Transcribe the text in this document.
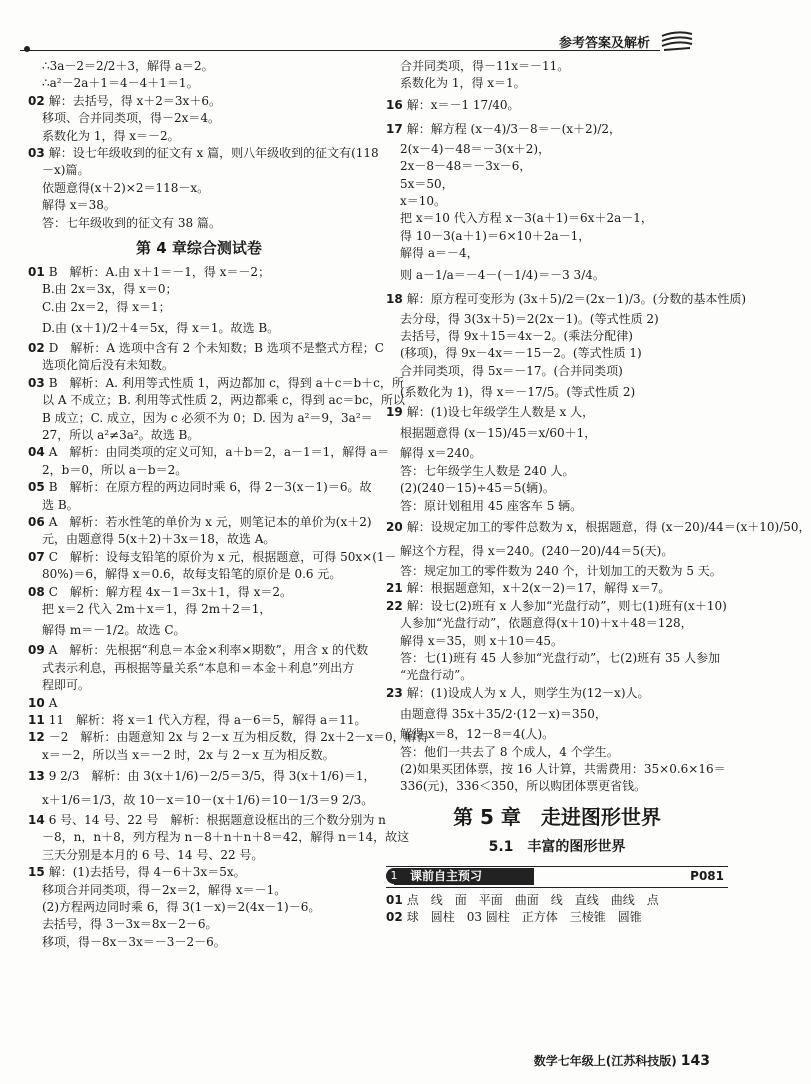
参考答案及解析
∴3a－2＝2/2＋3，解得 a＝2。
∴a²－2a＋1＝4－4＋1＝1。
02 解：去括号，得 x＋2＝3x＋6。
移项、合并同类项，得－2x＝4。
系数化为 1，得 x＝－2。
03 解：设七年级收到的征文有 x 篇，则八年级收到的征文有(118
－x)篇。
依题意得(x＋2)×2＝118－x。
解得 x＝38。
答：七年级收到的征文有 38 篇。
第 4 章综合测试卷
01 B　解析：A.由 x＋1＝－1，得 x＝－2；
B.由 2x＝3x，得 x＝0；
C.由 2x＝2，得 x＝1；
D.由 (x＋1)/2＋4＝5x，得 x＝1。故选 B。
02 D　解析：A 选项中含有 2 个未知数；B 选项不是整式方程；C
选项化简后没有未知数。
03 B　解析：A. 利用等式性质 1，两边都加 c，得到 a＋c＝b＋c，所
以 A 不成立；B. 利用等式性质 2，两边都乘 c，得到 ac＝bc，所以
B 成立；C. 成立，因为 c 必须不为 0；D. 因为 a²＝9，3a²＝
27，所以 a²≠3a²。故选 B。
04 A　解析：由同类项的定义可知，a＋b＝2，a－1＝1，解得 a＝
2，b＝0，所以 a－b＝2。
05 B　解析：在原方程的两边同时乘 6，得 2－3(x－1)＝6。故
选 B。
06 A　解析：若水性笔的单价为 x 元，则笔记本的单价为(x＋2)
元，由题意得 5(x＋2)＋3x＝18，故选 A。
07 C　解析：设每支铅笔的原价为 x 元，根据题意，可得 50x×(1－
80%)＝6，解得 x＝0.6，故每支铅笔的原价是 0.6 元。
08 C　解析：解方程 4x－1＝3x＋1，得 x＝2。
把 x＝2 代入 2m＋x＝1，得 2m＋2＝1，
解得 m＝－1/2。故选 C。
09 A　解析：先根据“利息＝本金×利率×期数”，用含 x 的代数
式表示利息，再根据等量关系“本息和＝本金＋利息”列出方
程即可。
10 A
11 11　解析：将 x＝1 代入方程，得 a－6＝5，解得 a＝11。
12 －2　解析：由题意知 2x 与 2－x 互为相反数，得 2x＋2－x＝0，解得
x＝－2，所以当 x＝－2 时，2x 与 2－x 互为相反数。
13 9 2/3　解析：由 3(x＋1/6)－2/5＝3/5，得 3(x＋1/6)＝1，
x＋1/6＝1/3，故 10－x＝10－(x＋1/6)＝10－1/3＝9 2/3。
14 6 号、14 号、22 号　解析：根据题意设框出的三个数分别为 n
－8，n，n＋8，列方程为 n－8＋n＋n＋8＝42，解得 n＝14，故这
三天分别是本月的 6 号、14 号、22 号。
15 解：(1)去括号，得 4－6＋3x＝5x。
移项合并同类项，得－2x＝2，解得 x＝－1。
(2)方程两边同时乘 6，得 3(1－x)＝2(4x－1)－6。
去括号，得 3－3x＝8x－2－6。
移项，得－8x－3x＝－3－2－6。
合并同类项，得－11x＝－11。
系数化为 1，得 x＝1。
16 解：x＝－1 17/40。
17 解：解方程 (x－4)/3－8＝－(x＋2)/2，
2(x－4)－48＝－3(x＋2)，
2x－8－48＝－3x－6，
5x＝50，
x＝10。
把 x＝10 代入方程 x－3(a＋1)＝6x＋2a－1，
得 10－3(a＋1)＝6×10＋2a－1，
解得 a＝－4，
则 a－1/a＝－4－(－1/4)＝－3 3/4。
18 解：原方程可变形为 (3x＋5)/2＝(2x－1)/3。(分数的基本性质)
去分母，得 3(3x＋5)＝2(2x－1)。(等式性质 2)
去括号，得 9x＋15＝4x－2。(乘法分配律)
(移项)，得 9x－4x＝－15－2。(等式性质 1)
合并同类项，得 5x＝－17。(合并同类项)
(系数化为 1)，得 x＝－17/5。(等式性质 2)
19 解：(1)设七年级学生人数是 x 人，
根据题意得 (x－15)/45＝x/60＋1，
解得 x＝240。
答：七年级学生人数是 240 人。
(2)(240－15)÷45＝5(辆)。
答：原计划租用 45 座客车 5 辆。
20 解：设规定加工的零件总数为 x，根据题意，得 (x－20)/44＝(x＋10)/50，
解这个方程，得 x＝240。(240－20)/44＝5(天)。
答：规定加工的零件数为 240 个，计划加工的天数为 5 天。
21 解：根据题意知，x＋2(x－2)＝17，解得 x＝7。
22 解：设七(2)班有 x 人参加“光盘行动”，则七(1)班有(x＋10)
人参加“光盘行动”，依题意得(x＋10)＋x＋48＝128，
解得 x＝35，则 x＋10＝45。
答：七(1)班有 45 人参加“光盘行动”，七(2)班有 35 人参加
“光盘行动”。
23 解：(1)设成人为 x 人，则学生为(12－x)人。
由题意得 35x＋35/2·(12－x)＝350，
解得 x＝8，12－8＝4(人)。
答：他们一共去了 8 个成人，4 个学生。
(2)如果买团体票，按 16 人计算，共需费用：35×0.6×16＝
336(元)，336＜350，所以购团体票更省钱。
第 5 章　走进图形世界
5.1　丰富的图形世界
1	课前自主预习	P081
01 点　线　面　平面　曲面　线　直线　曲线　点
02 球　圆柱　03 圆柱　正方体　三棱锥　圆锥
数学七年级上(江苏科技版) 143
